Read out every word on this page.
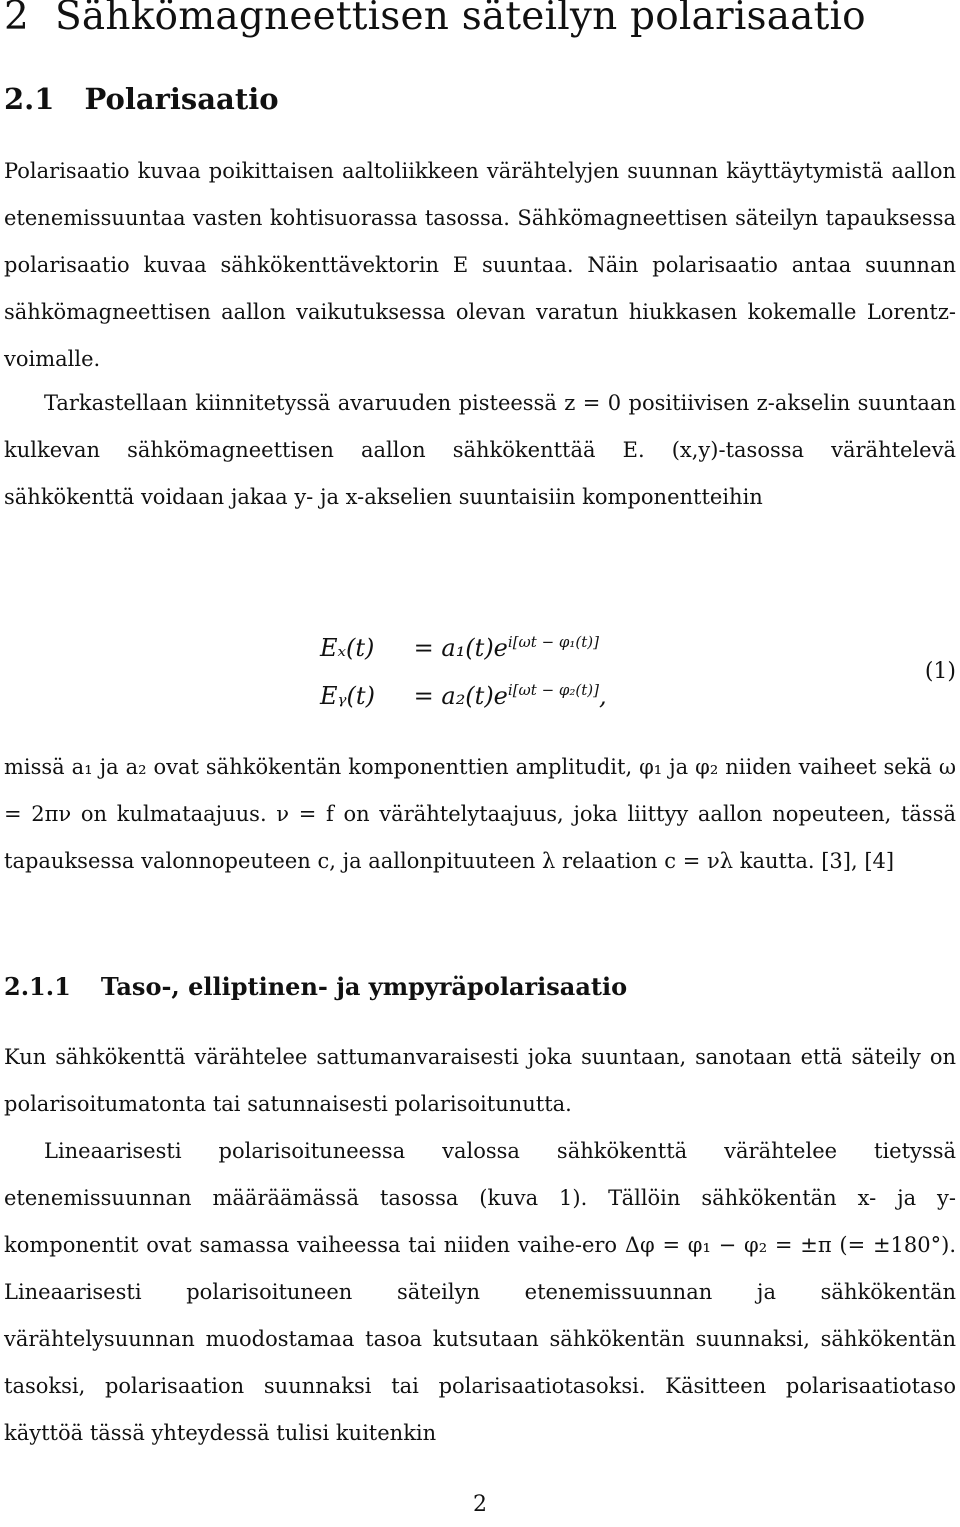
2 Sähkömagneettisen säteilyn polarisaatio
2.1 Polarisaatio

Polarisaatio kuvaa poikittaisen aaltoliikkeen värähtelyjen suunnan käyttäytymistä aallon etenemissuuntaa vasten kohtisuorassa tasossa. Sähkömagneettisen säteilyn tapauksessa polarisaatio kuvaa sähkökenttävektorin E suuntaa. Näin polarisaatio antaa suunnan sähkömagneettisen aallon vaikutuksessa olevan varatun hiukkasen kokemalle Lorentz-voimalle.

Tarkastellaan kiinnitetyssä avaruuden pisteessä z = 0 positiivisen z-akselin suuntaan kulkevan sähkömagneettisen aallon sähkökenttää E. (x,y)-tasossa värähtelevä sähkökenttä voidaan jakaa y- ja x-akselien suuntaisiin komponentteihin

$E_x(t) = a_1(t)e^{i[\omega t - \varphi_1(t)]}$
Eᵧ(t) = $a_2(t)e^{i[\omega t - \varphi_2(t)]}$,
(1)

missä a₁ ja a₂ ovat sähkökentän komponenttien amplitudit, φ₁ ja φ₂ niiden vaiheet sekä ω = 2πν on kulmataajuus. ν = f on värähtelytaajuus, joka liittyy aallon nopeuteen, tässä tapauksessa valonnopeuteen c, ja aallonpituuteen λ relaation c = νλ kautta. [3], [4]

2.1.1 Taso-, elliptinen- ja ympyräpolarisaatio

Kun sähkökenttä värähtelee sattumanvaraisesti joka suuntaan, sanotaan että säteily on polarisoitumatonta tai satunnaisesti polarisoitunutta.

Lineaarisesti polarisoituneessa valossa sähkökenttä värähtelee tietyssä etenemissuunnan määräämässä tasossa (kuva 1). Tällöin sähkökentän x- ja y-komponentit ovat samassa vaiheessa tai niiden vaihe-ero Δφ = φ₁ − φ₂ = ±π (= ±180°). Lineaarisesti polarisoituneen säteilyn etenemissuunnan ja sähkökentän värähtelysuunnan muodostamaa tasoa kutsutaan sähkökentän suunnaksi, sähkökentän tasoksi, polarisaation suunnaksi tai polarisaatiotasoksi. Käsitteen polarisaatiotaso käyttöä tässä yhteydessä tulisi kuitenkin

2
